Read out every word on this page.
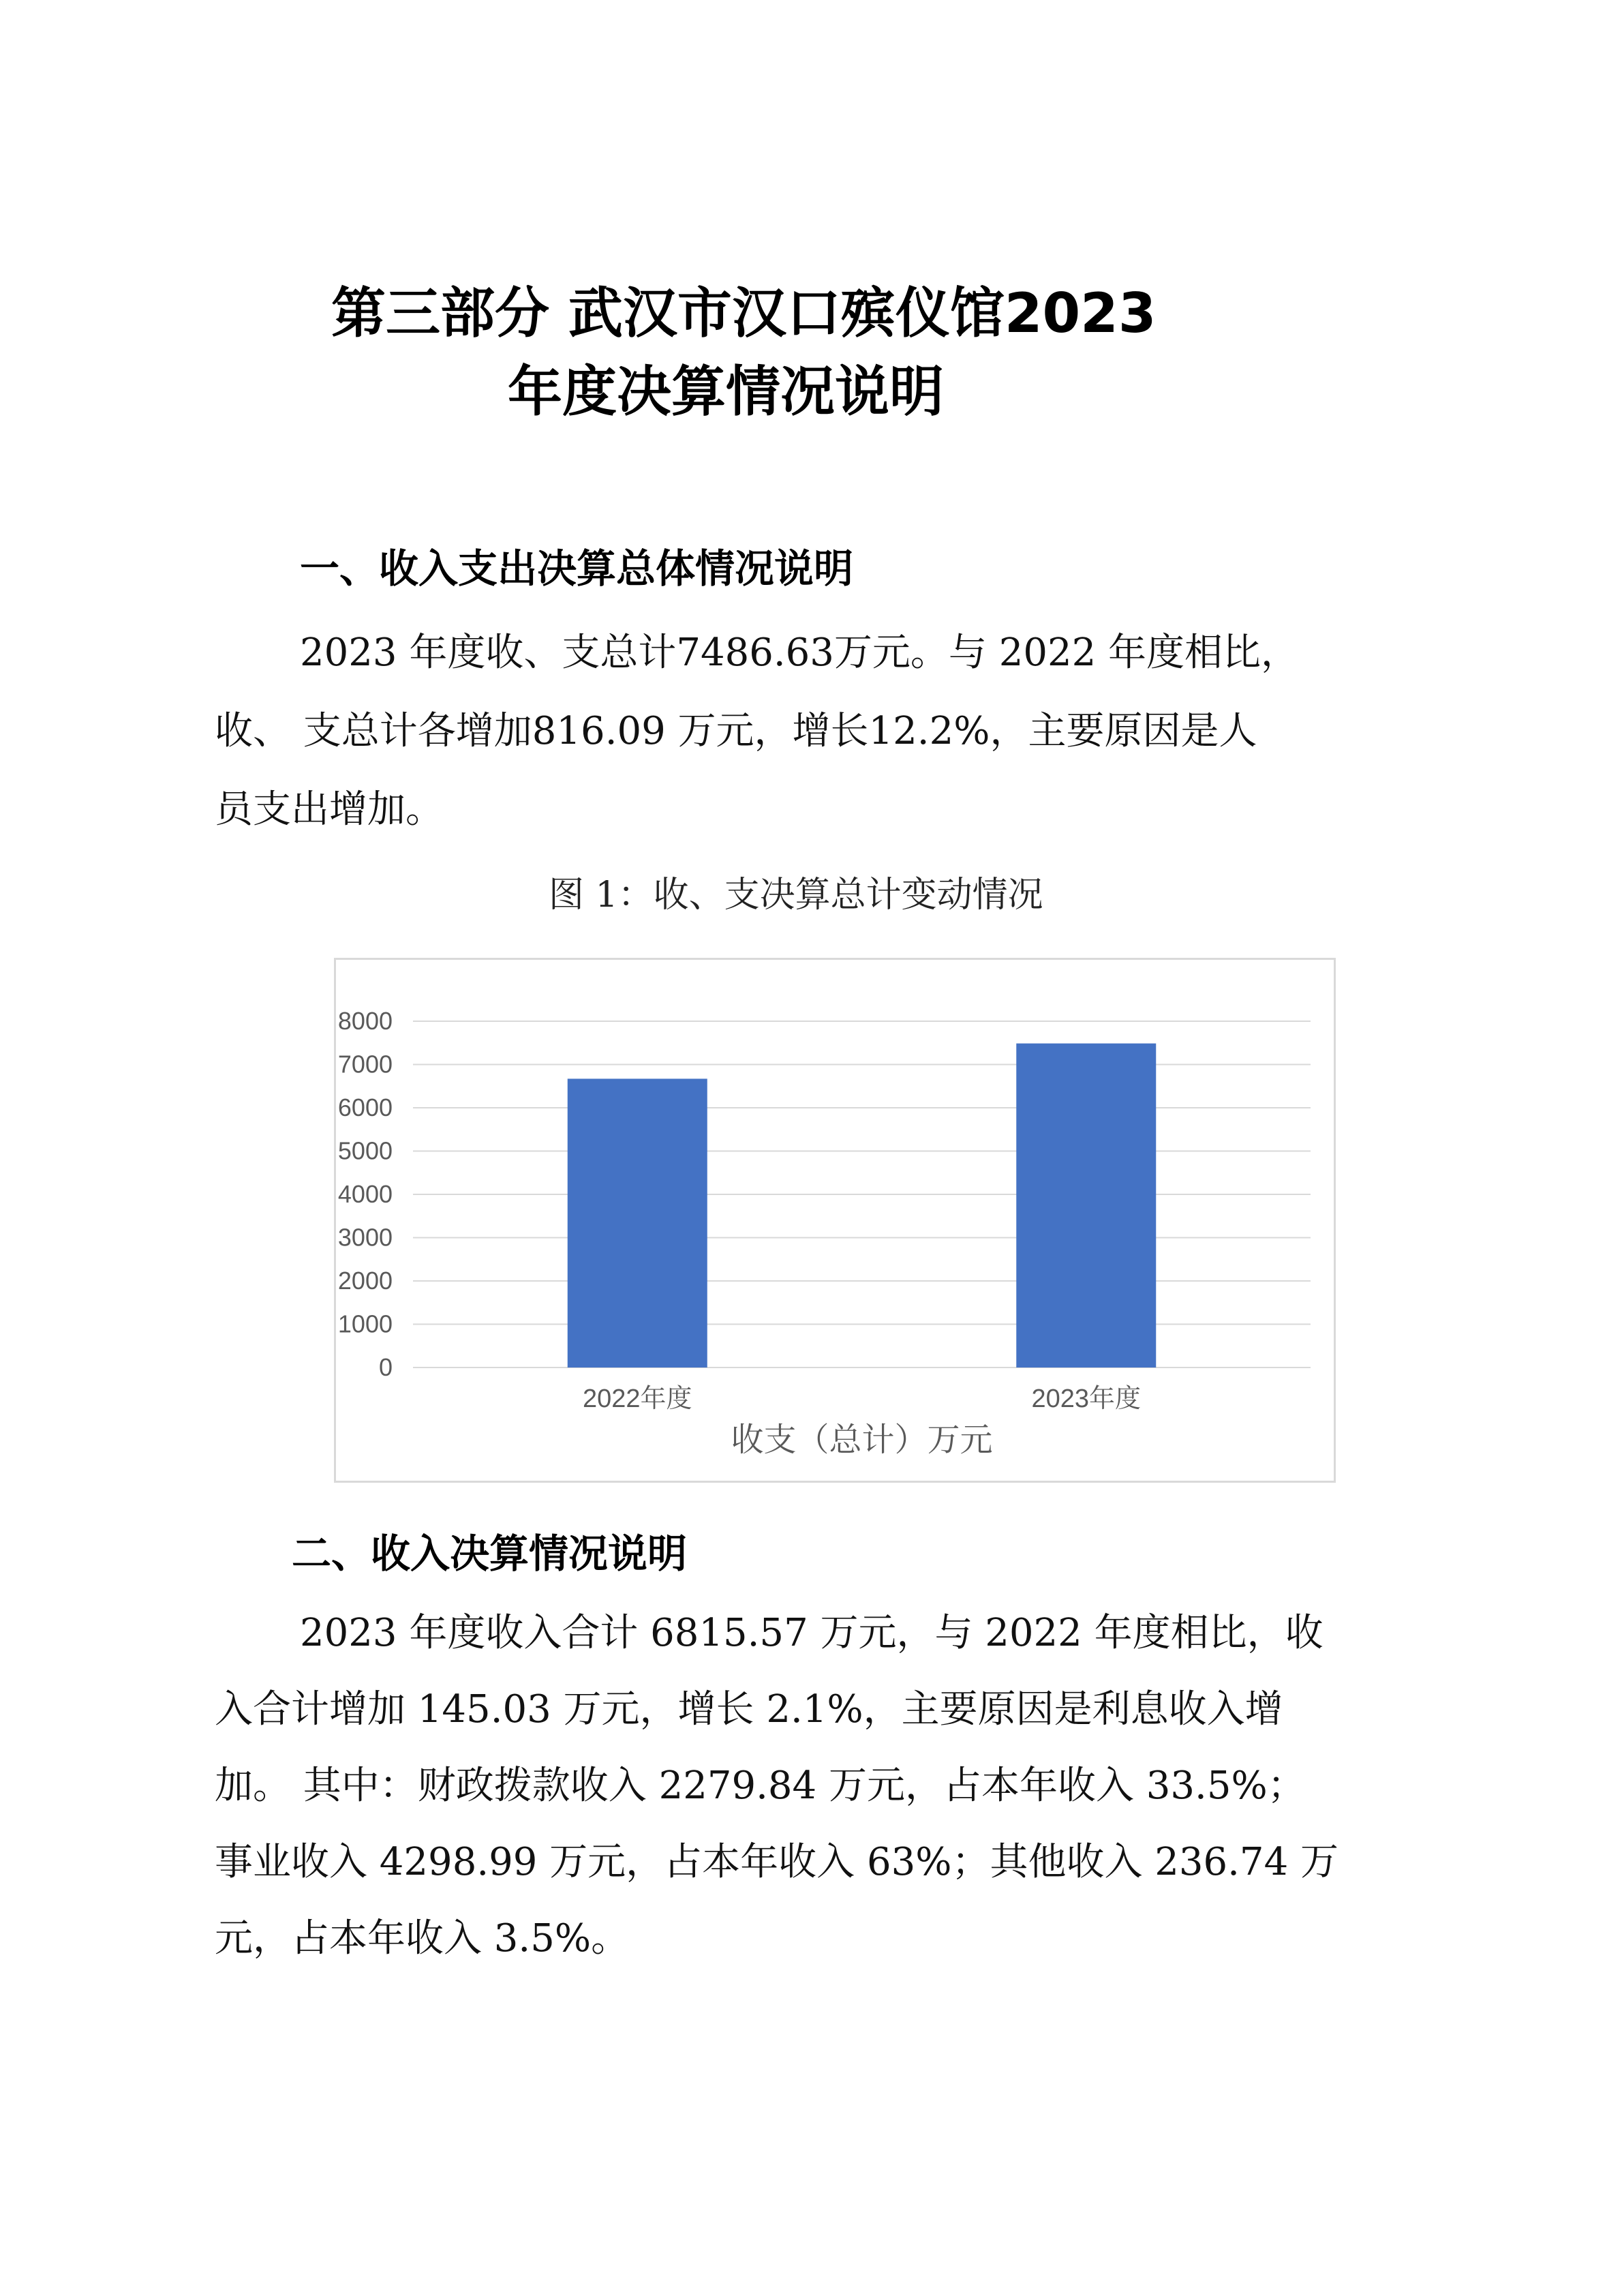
第三部分 武汉市汉口殡仪馆2023
年度决算情况说明
一、收入支出决算总体情况说明
2023 年度收、支总计7486.63万元。与 2022 年度相比，
收、 支总计各增加816.09 万元，增长12.2%，主要原因是人
员支出增加。
图 1：收、支决算总计变动情况
0
1000
2000
3000
4000
5000
6000
7000
8000
2022年度	2023年度
收支（总计）万元
二、收入决算情况说明
2023 年度收入合计 6815.57 万元，与 2022 年度相比，收
入合计增加 145.03 万元，增长 2.1%，主要原因是利息收入增
加。 其中：财政拨款收入 2279.84 万元，占本年收入 33.5%；
事业收入 4298.99 万元，占本年收入 63%；其他收入 236.74 万
元，占本年收入 3.5%。
